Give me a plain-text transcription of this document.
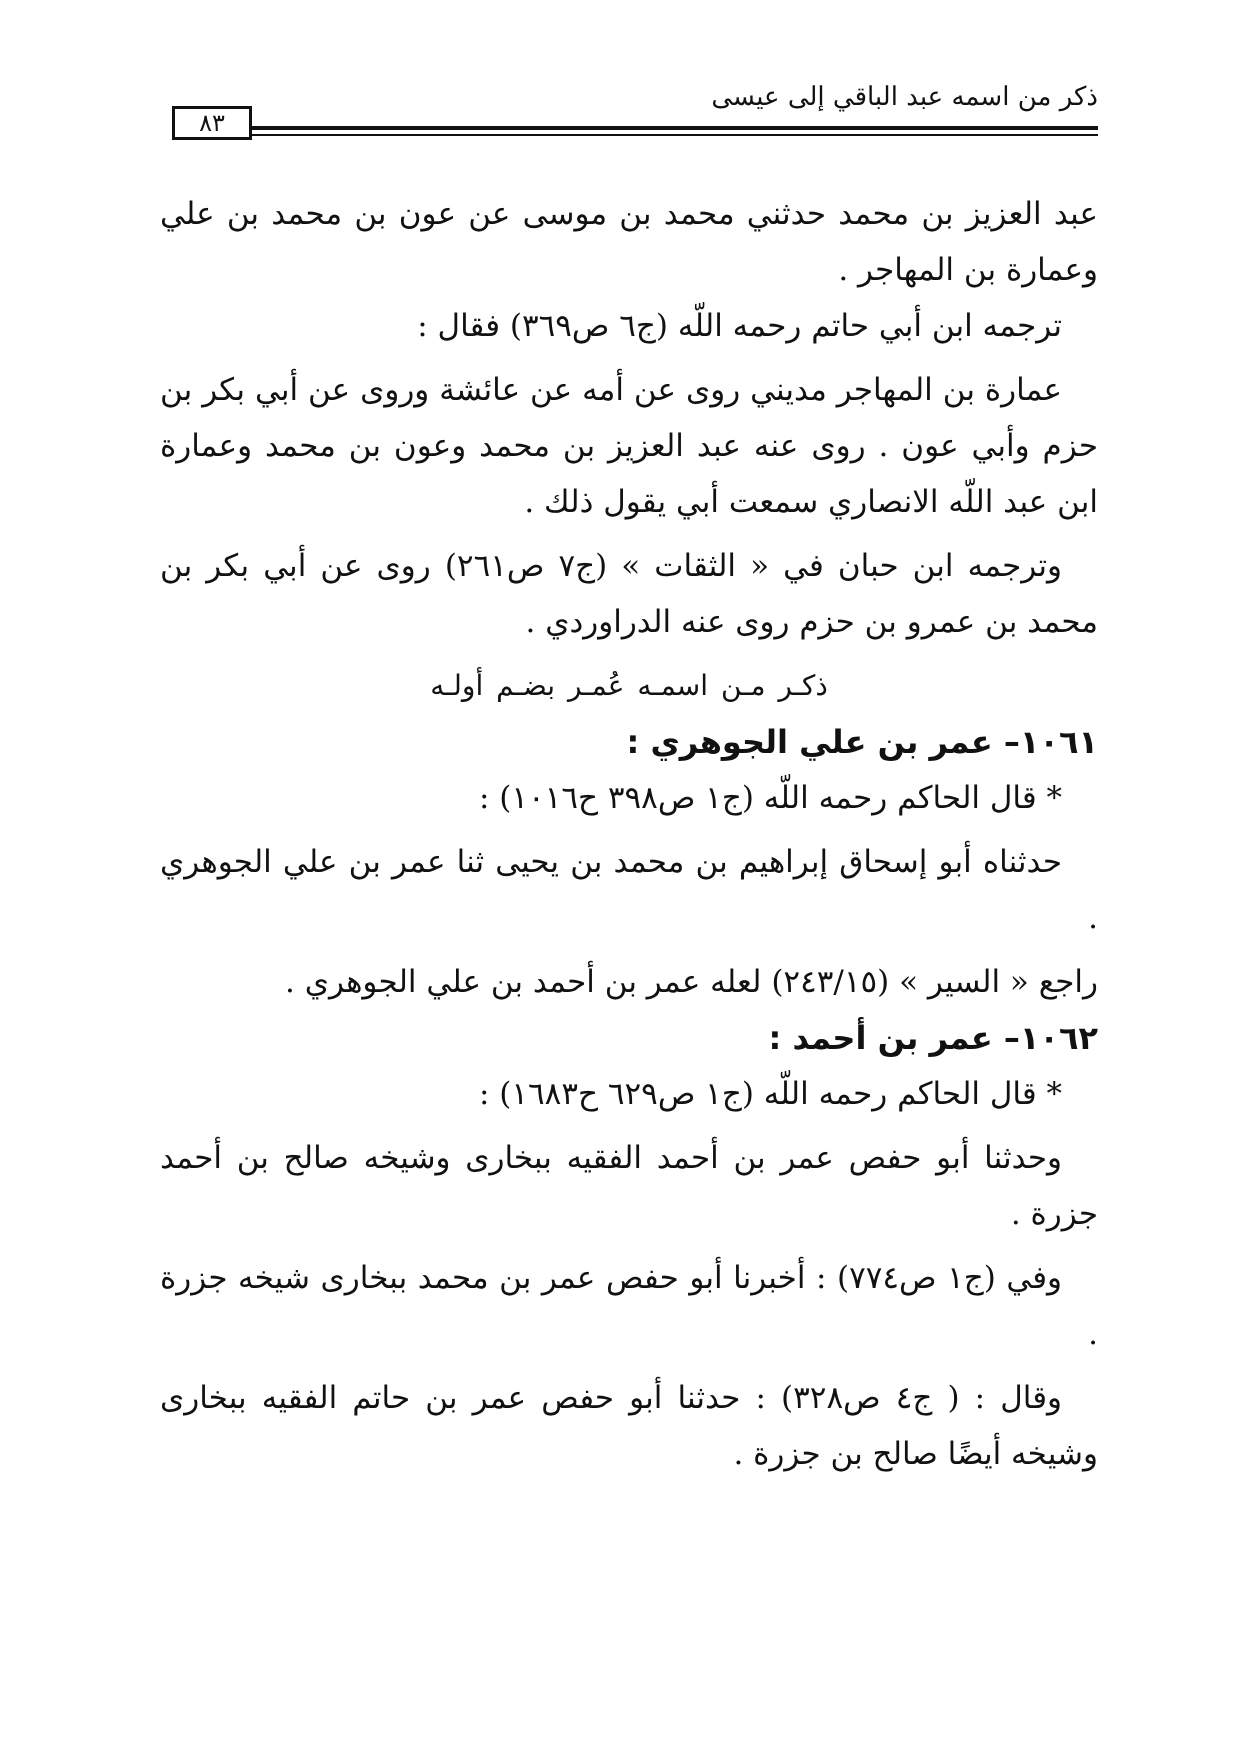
ذكر من اسمه عبد الباقي إلى عيسى
٨٣

عبد العزيز بن محمد حدثني محمد بن موسى عن عون بن محمد بن علي وعمارة بن المهاجر .

ترجمه ابن أبي حاتم رحمه اللّه (ج٦ ص٣٦٩) فقال :

عمارة بن المهاجر مديني روى عن أمه عن عائشة وروى عن أبي بكر بن حزم وأبي عون . روى عنه عبد العزيز بن محمد وعون بن محمد وعمارة ابن عبد اللّه الانصاري سمعت أبي يقول ذلك .

وترجمه ابن حبان في « الثقات » (ج٧ ص٢٦١) روى عن أبي بكر بن محمد بن عمرو بن حزم روى عنه الدراوردي .

ذكـر مـن اسمـه عُمـر بضـم أولـه

١٠٦١– عمر بن علي الجوهري :

* قال الحاكم رحمه اللّه (ج١ ص٣٩٨ ح١٠١٦) :

حدثناه أبو إسحاق إبراهيم بن محمد بن يحيى ثنا عمر بن علي الجوهري .

راجع « السير » (٢٤٣/١٥) لعله عمر بن أحمد بن علي الجوهري .

١٠٦٢– عمر بن أحمد :

* قال الحاكم رحمه اللّه (ج١ ص٦٢٩ ح١٦٨٣) :

وحدثنا أبو حفص عمر بن أحمد الفقيه ببخارى وشيخه صالح بن أحمد جزرة .

وفي (ج١ ص٧٧٤) : أخبرنا أبو حفص عمر بن محمد ببخارى شيخه جزرة .

وقال : ( ج٤ ص٣٢٨) : حدثنا أبو حفص عمر بن حاتم الفقيه ببخارى وشيخه أيضًا صالح بن جزرة .
